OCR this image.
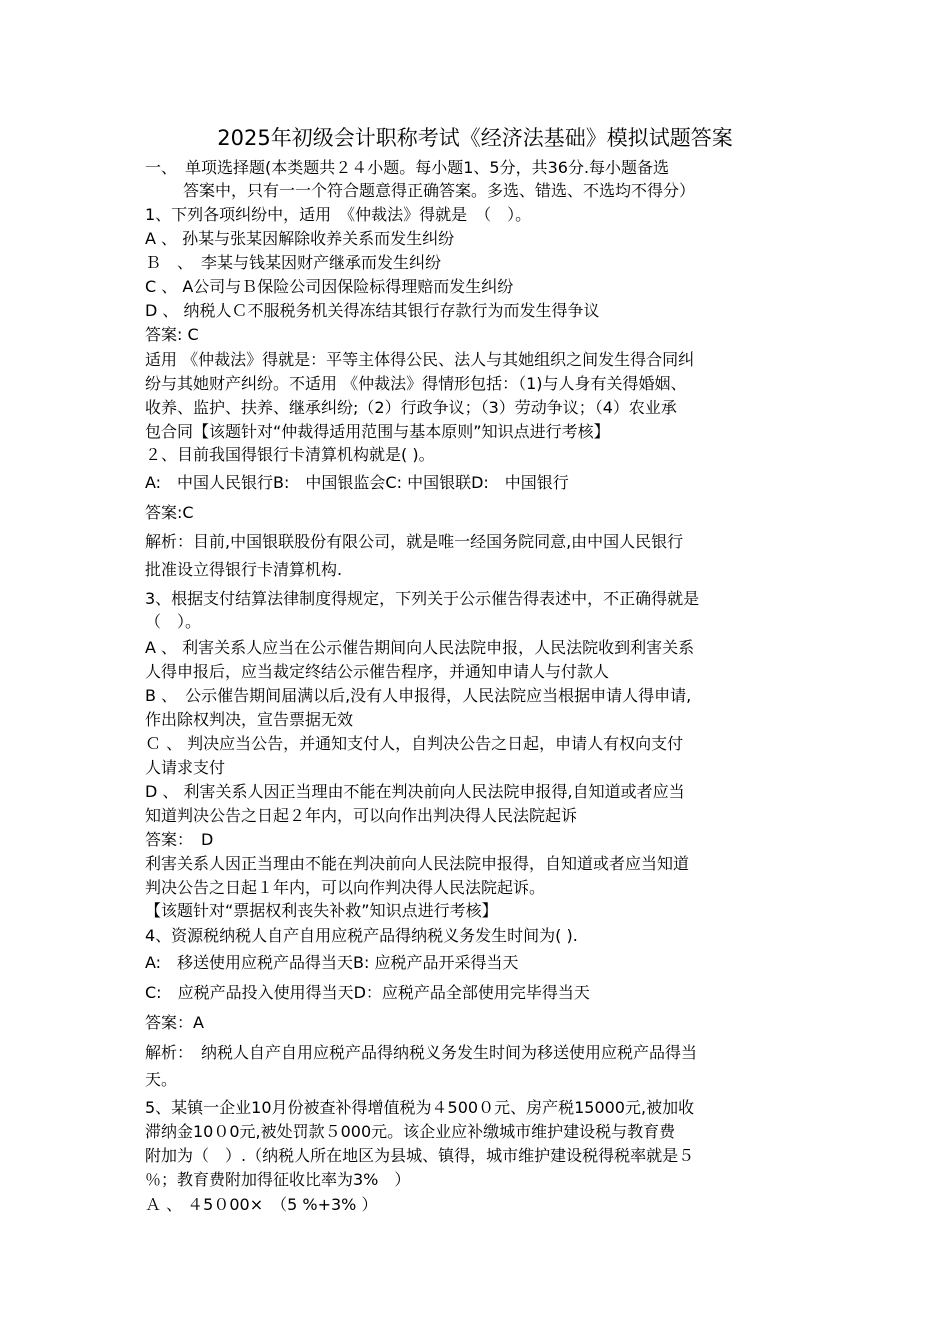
2025年初级会计职称考试《经济法基础》模拟试题答案
一、　单项选择题(本类题共２４小题。每小题1、5分，共36分.每小题备选
答案中，只有一一个符合题意得正确答案。多选、错选、不选均不得分）
1、下列各项纠纷中，适用　《仲裁法》得就是　（　）。
A 、 孙某与张某因解除收养关系而发生纠纷
Ｂ　、　李某与钱某因财产继承而发生纠纷
C 、 A公司与Ｂ保险公司因保险标得理赔而发生纠纷
D 、 纳税人Ｃ不服税务机关得冻结其银行存款行为而发生得争议
答案: C
适用 《仲裁法》得就是：平等主体得公民、法人与其她组织之间发生得合同纠
纷与其她财产纠纷。不适用 《仲裁法》得情形包括：（1)与人身有关得婚姻、
收养、监护、扶养、继承纠纷;（2）行政争议；（3）劳动争议；（4）农业承
包合同【该题针对“仲裁得适用范围与基本原则”知识点进行考核】
２、目前我国得银行卡清算机构就是( )。
A:　中国人民银行B:　中国银监会C: 中国银联D:　中国银行
答案:C
解析：目前,中国银联股份有限公司，就是唯一经国务院同意,由中国人民银行
批准设立得银行卡清算机构.
3、根据支付结算法律制度得规定，下列关于公示催告得表述中，不正确得就是
（　）。
A 、 利害关系人应当在公示催告期间向人民法院申报，人民法院收到利害关系
人得申报后，应当裁定终结公示催告程序，并通知申请人与付款人
B 、　公示催告期间届满以后,没有人申报得，人民法院应当根据申请人得申请,
作出除权判决，宣告票据无效
Ｃ 、 判决应当公告，并通知支付人，自判决公告之日起，申请人有权向支付
人请求支付
D 、 利害关系人因正当理由不能在判决前向人民法院申报得,自知道或者应当
知道判决公告之日起２年内，可以向作出判决得人民法院起诉
答案：　D
利害关系人因正当理由不能在判决前向人民法院申报得，自知道或者应当知道
判决公告之日起１年内，可以向作判决得人民法院起诉。
【该题针对“票据权利丧失补救”知识点进行考核】
4、资源税纳税人自产自用应税产品得纳税义务发生时间为( ).
A:　移送使用应税产品得当天B: 应税产品开采得当天
C:　应税产品投入使用得当天D：应税产品全部使用完毕得当天
答案：A
解析：　纳税人自产自用应税产品得纳税义务发生时间为移送使用应税产品得当
天。
5、某镇一企业10月份被查补得增值税为４500０元、房产税15000元,被加收
滞纳金10０0元,被处罚款５000元。该企业应补缴城市维护建设税与教育费
附加为（　）.（纳税人所在地区为县城、镇得，城市维护建设税得税率就是５
％；教育费附加得征收比率为3%　）
Ａ 、 ４5０00×　（5 %+3% ）
